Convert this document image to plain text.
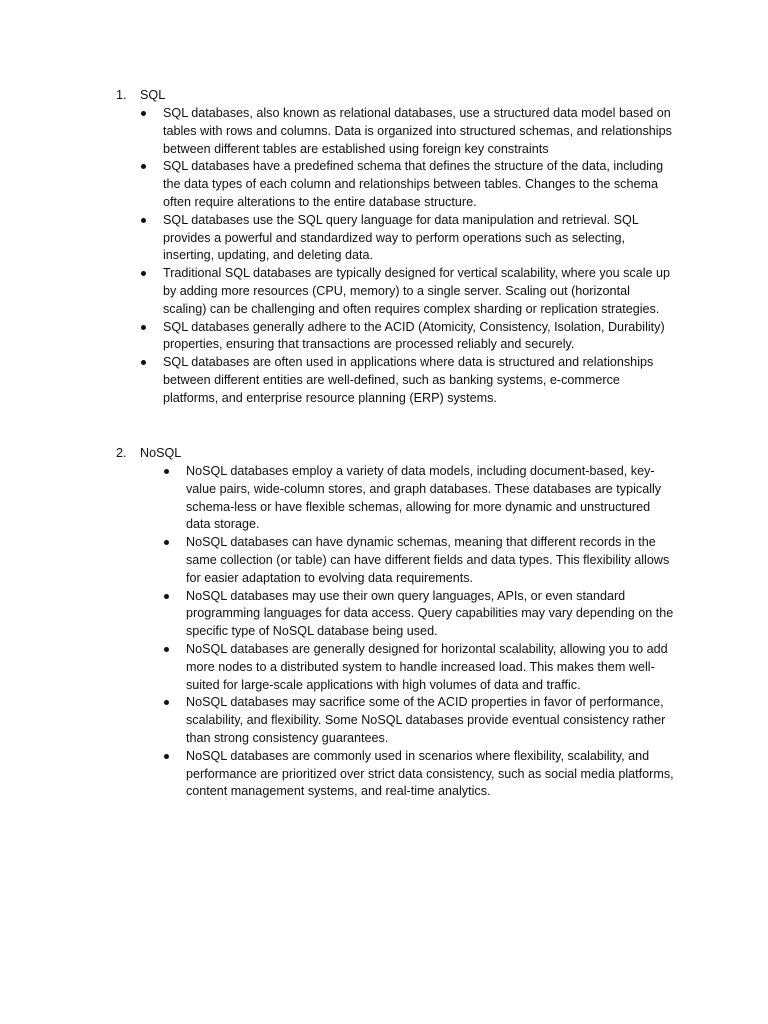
1.	SQL
SQL databases, also known as relational databases, use a structured data model based on tables with rows and columns. Data is organized into structured schemas, and relationships between different tables are established using foreign key constraints
SQL databases have a predefined schema that defines the structure of the data, including the data types of each column and relationships between tables. Changes to the schema often require alterations to the entire database structure.
SQL databases use the SQL query language for data manipulation and retrieval. SQL provides a powerful and standardized way to perform operations such as selecting, inserting, updating, and deleting data.
Traditional SQL databases are typically designed for vertical scalability, where you scale up by adding more resources (CPU, memory) to a single server. Scaling out (horizontal scaling) can be challenging and often requires complex sharding or replication strategies.
SQL databases generally adhere to the ACID (Atomicity, Consistency, Isolation, Durability) properties, ensuring that transactions are processed reliably and securely.
SQL databases are often used in applications where data is structured and relationships between different entities are well-defined, such as banking systems, e-commerce platforms, and enterprise resource planning (ERP) systems.
2.	NoSQL
NoSQL databases employ a variety of data models, including document-based, key-value pairs, wide-column stores, and graph databases. These databases are typically schema-less or have flexible schemas, allowing for more dynamic and unstructured data storage.
NoSQL databases can have dynamic schemas, meaning that different records in the same collection (or table) can have different fields and data types. This flexibility allows for easier adaptation to evolving data requirements.
NoSQL databases may use their own query languages, APIs, or even standard programming languages for data access. Query capabilities may vary depending on the specific type of NoSQL database being used.
NoSQL databases are generally designed for horizontal scalability, allowing you to add more nodes to a distributed system to handle increased load. This makes them well-suited for large-scale applications with high volumes of data and traffic.
NoSQL databases may sacrifice some of the ACID properties in favor of performance, scalability, and flexibility. Some NoSQL databases provide eventual consistency rather than strong consistency guarantees.
NoSQL databases are commonly used in scenarios where flexibility, scalability, and performance are prioritized over strict data consistency, such as social media platforms, content management systems, and real-time analytics.
